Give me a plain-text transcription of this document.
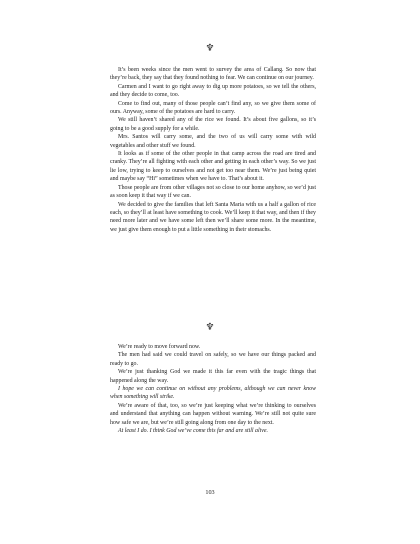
♆

It’s been weeks since the men went to survey the area of Callang. So now that they’re back, they say that they found nothing to fear. We can continue on our journey.

Carmen and I want to go right away to dig up more potatoes, so we tell the others, and they decide to come, too.

Come to find out, many of those people can’t find any, so we give them some of ours. Anyway, some of the potatoes are hard to carry.

We still haven’t shared any of the rice we found. It’s about five gallons, so it’s going to be a good supply for a while.

Mrs. Santos will carry some, and the two of us will carry some with wild vegetables and other stuff we found.

It looks as if some of the other people in that camp across the road are tired and cranky. They’re all fighting with each other and getting in each other’s way. So we just lie low, trying to keep to ourselves and not get too near them. We’re just being quiet and maybe say “Hi” sometimes when we have to. That’s about it.

Those people are from other villages not so close to our home anyhow, so we’d just as soon keep it that way if we can.

We decided to give the families that left Santa Maria with us a half a gallon of rice each, so they’ll at least have something to cook. We’ll keep it that way, and then if they need more later and we have some left then we’ll share some more. In the meantime, we just give them enough to put a little something in their stomachs.

♆

We’re ready to move forward now.

The men had said we could travel on safely, so we have our things packed and ready to go.

We’re just thanking God we made it this far even with the tragic things that happened along the way.

I hope we can continue on without any problems, although we can never know when something will strike.

We’re aware of that, too, so we’re just keeping what we’re thinking to ourselves and understand that anything can happen without warning. We’re still not quite sure how safe we are, but we’re still going along from one day to the next.

At least I do. I think God we’ve come this far and are still alive.

103
